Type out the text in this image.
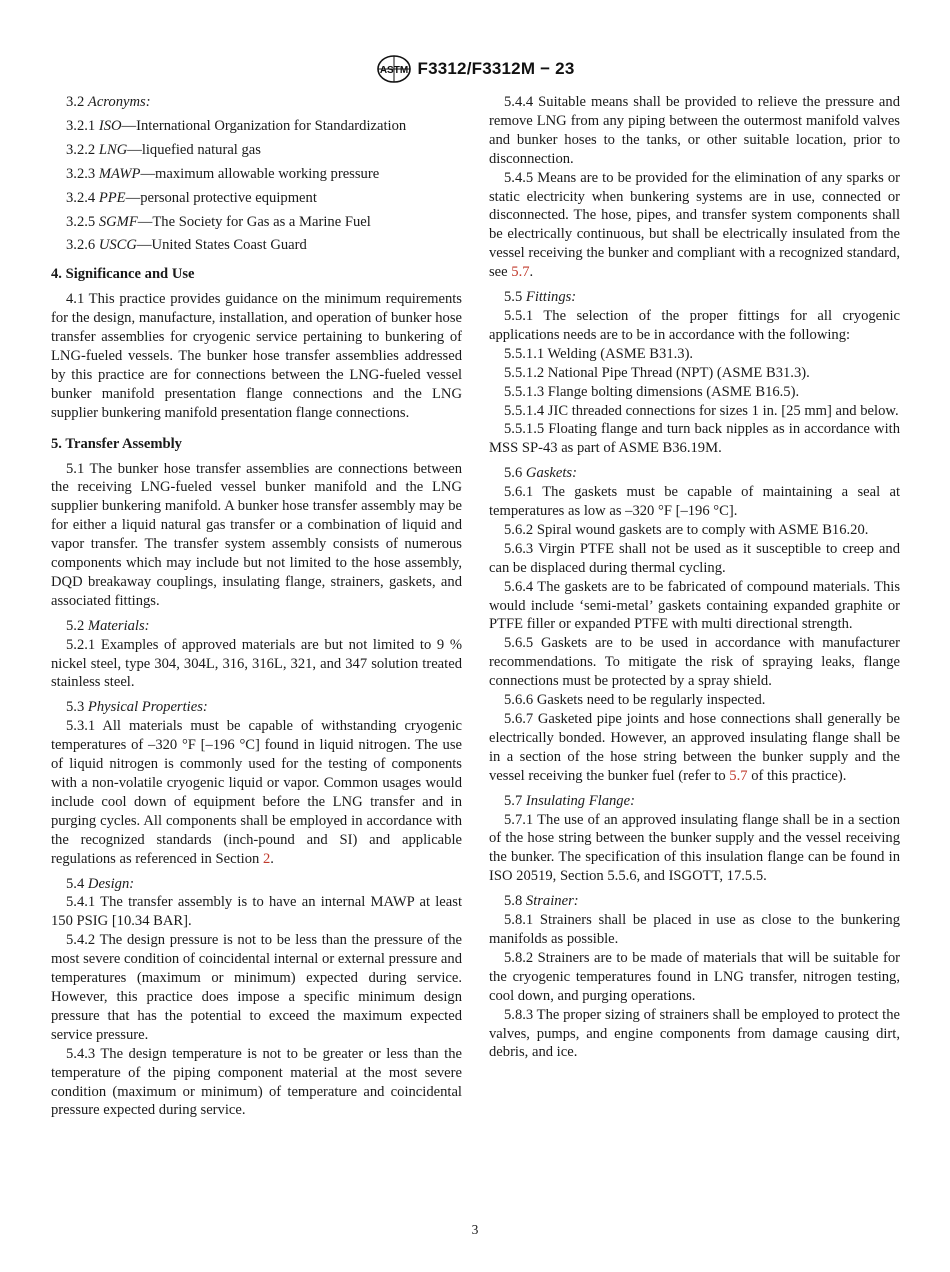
ASTM F3312/F3312M − 23

3.2 Acronyms:

3.2.1 ISO—International Organization for Standardization

3.2.2 LNG—liquefied natural gas

3.2.3 MAWP—maximum allowable working pressure

3.2.4 PPE—personal protective equipment

3.2.5 SGMF—The Society for Gas as a Marine Fuel

3.2.6 USCG—United States Coast Guard

4. Significance and Use

4.1 This practice provides guidance on the minimum requirements for the design, manufacture, installation, and operation of bunker hose transfer assemblies for cryogenic service pertaining to bunkering of LNG-fueled vessels. The bunker hose transfer assemblies addressed by this practice are for connections between the LNG-fueled vessel bunker manifold presentation flange connections and the LNG supplier bunkering manifold presentation flange connections.

5. Transfer Assembly

5.1 The bunker hose transfer assemblies are connections between the receiving LNG-fueled vessel bunker manifold and the LNG supplier bunkering manifold. A bunker hose transfer assembly may be for either a liquid natural gas transfer or a combination of liquid and vapor transfer. The transfer system assembly consists of numerous components which may include but not limited to the hose assembly, DQD breakaway couplings, insulating flange, strainers, gaskets, and associated fittings.

5.2 Materials:

5.2.1 Examples of approved materials are but not limited to 9 % nickel steel, type 304, 304L, 316, 316L, 321, and 347 solution treated stainless steel.

5.3 Physical Properties:

5.3.1 All materials must be capable of withstanding cryogenic temperatures of –320 °F [–196 °C] found in liquid nitrogen. The use of liquid nitrogen is commonly used for the testing of components with a non-volatile cryogenic liquid or vapor. Common usages would include cool down of equipment before the LNG transfer and in purging cycles. All components shall be employed in accordance with the recognized standards (inch-pound and SI) and applicable regulations as referenced in Section 2.

5.4 Design:

5.4.1 The transfer assembly is to have an internal MAWP at least 150 PSIG [10.34 BAR].

5.4.2 The design pressure is not to be less than the pressure of the most severe condition of coincidental internal or external pressure and temperatures (maximum or minimum) expected during service. However, this practice does impose a specific minimum design pressure that has the potential to exceed the maximum expected service pressure.

5.4.3 The design temperature is not to be greater or less than the temperature of the piping component material at the most severe condition (maximum or minimum) of temperature and coincidental pressure expected during service.

5.4.4 Suitable means shall be provided to relieve the pressure and remove LNG from any piping between the outermost manifold valves and bunker hoses to the tanks, or other suitable location, prior to disconnection.

5.4.5 Means are to be provided for the elimination of any sparks or static electricity when bunkering systems are in use, connected or disconnected. The hose, pipes, and transfer system components shall be electrically continuous, but shall be electrically insulated from the vessel receiving the bunker and compliant with a recognized standard, see 5.7.

5.5 Fittings:

5.5.1 The selection of the proper fittings for all cryogenic applications needs are to be in accordance with the following:

5.5.1.1 Welding (ASME B31.3).

5.5.1.2 National Pipe Thread (NPT) (ASME B31.3).

5.5.1.3 Flange bolting dimensions (ASME B16.5).

5.5.1.4 JIC threaded connections for sizes 1 in. [25 mm] and below.

5.5.1.5 Floating flange and turn back nipples as in accordance with MSS SP-43 as part of ASME B36.19M.

5.6 Gaskets:

5.6.1 The gaskets must be capable of maintaining a seal at temperatures as low as –320 °F [–196 °C].

5.6.2 Spiral wound gaskets are to comply with ASME B16.20.

5.6.3 Virgin PTFE shall not be used as it susceptible to creep and can be displaced during thermal cycling.

5.6.4 The gaskets are to be fabricated of compound materials. This would include ‘semi-metal’ gaskets containing expanded graphite or PTFE filler or expanded PTFE with multi directional strength.

5.6.5 Gaskets are to be used in accordance with manufacturer recommendations. To mitigate the risk of spraying leaks, flange connections must be protected by a spray shield.

5.6.6 Gaskets need to be regularly inspected.

5.6.7 Gasketed pipe joints and hose connections shall generally be electrically bonded. However, an approved insulating flange shall be in a section of the hose string between the bunker supply and the vessel receiving the bunker fuel (refer to 5.7 of this practice).

5.7 Insulating Flange:

5.7.1 The use of an approved insulating flange shall be in a section of the hose string between the bunker supply and the vessel receiving the bunker. The specification of this insulation flange can be found in ISO 20519, Section 5.5.6, and ISGOTT, 17.5.5.

5.8 Strainer:

5.8.1 Strainers shall be placed in use as close to the bunkering manifolds as possible.

5.8.2 Strainers are to be made of materials that will be suitable for the cryogenic temperatures found in LNG transfer, nitrogen testing, cool down, and purging operations.

5.8.3 The proper sizing of strainers shall be employed to protect the valves, pumps, and engine components from damage causing dirt, debris, and ice.

3
